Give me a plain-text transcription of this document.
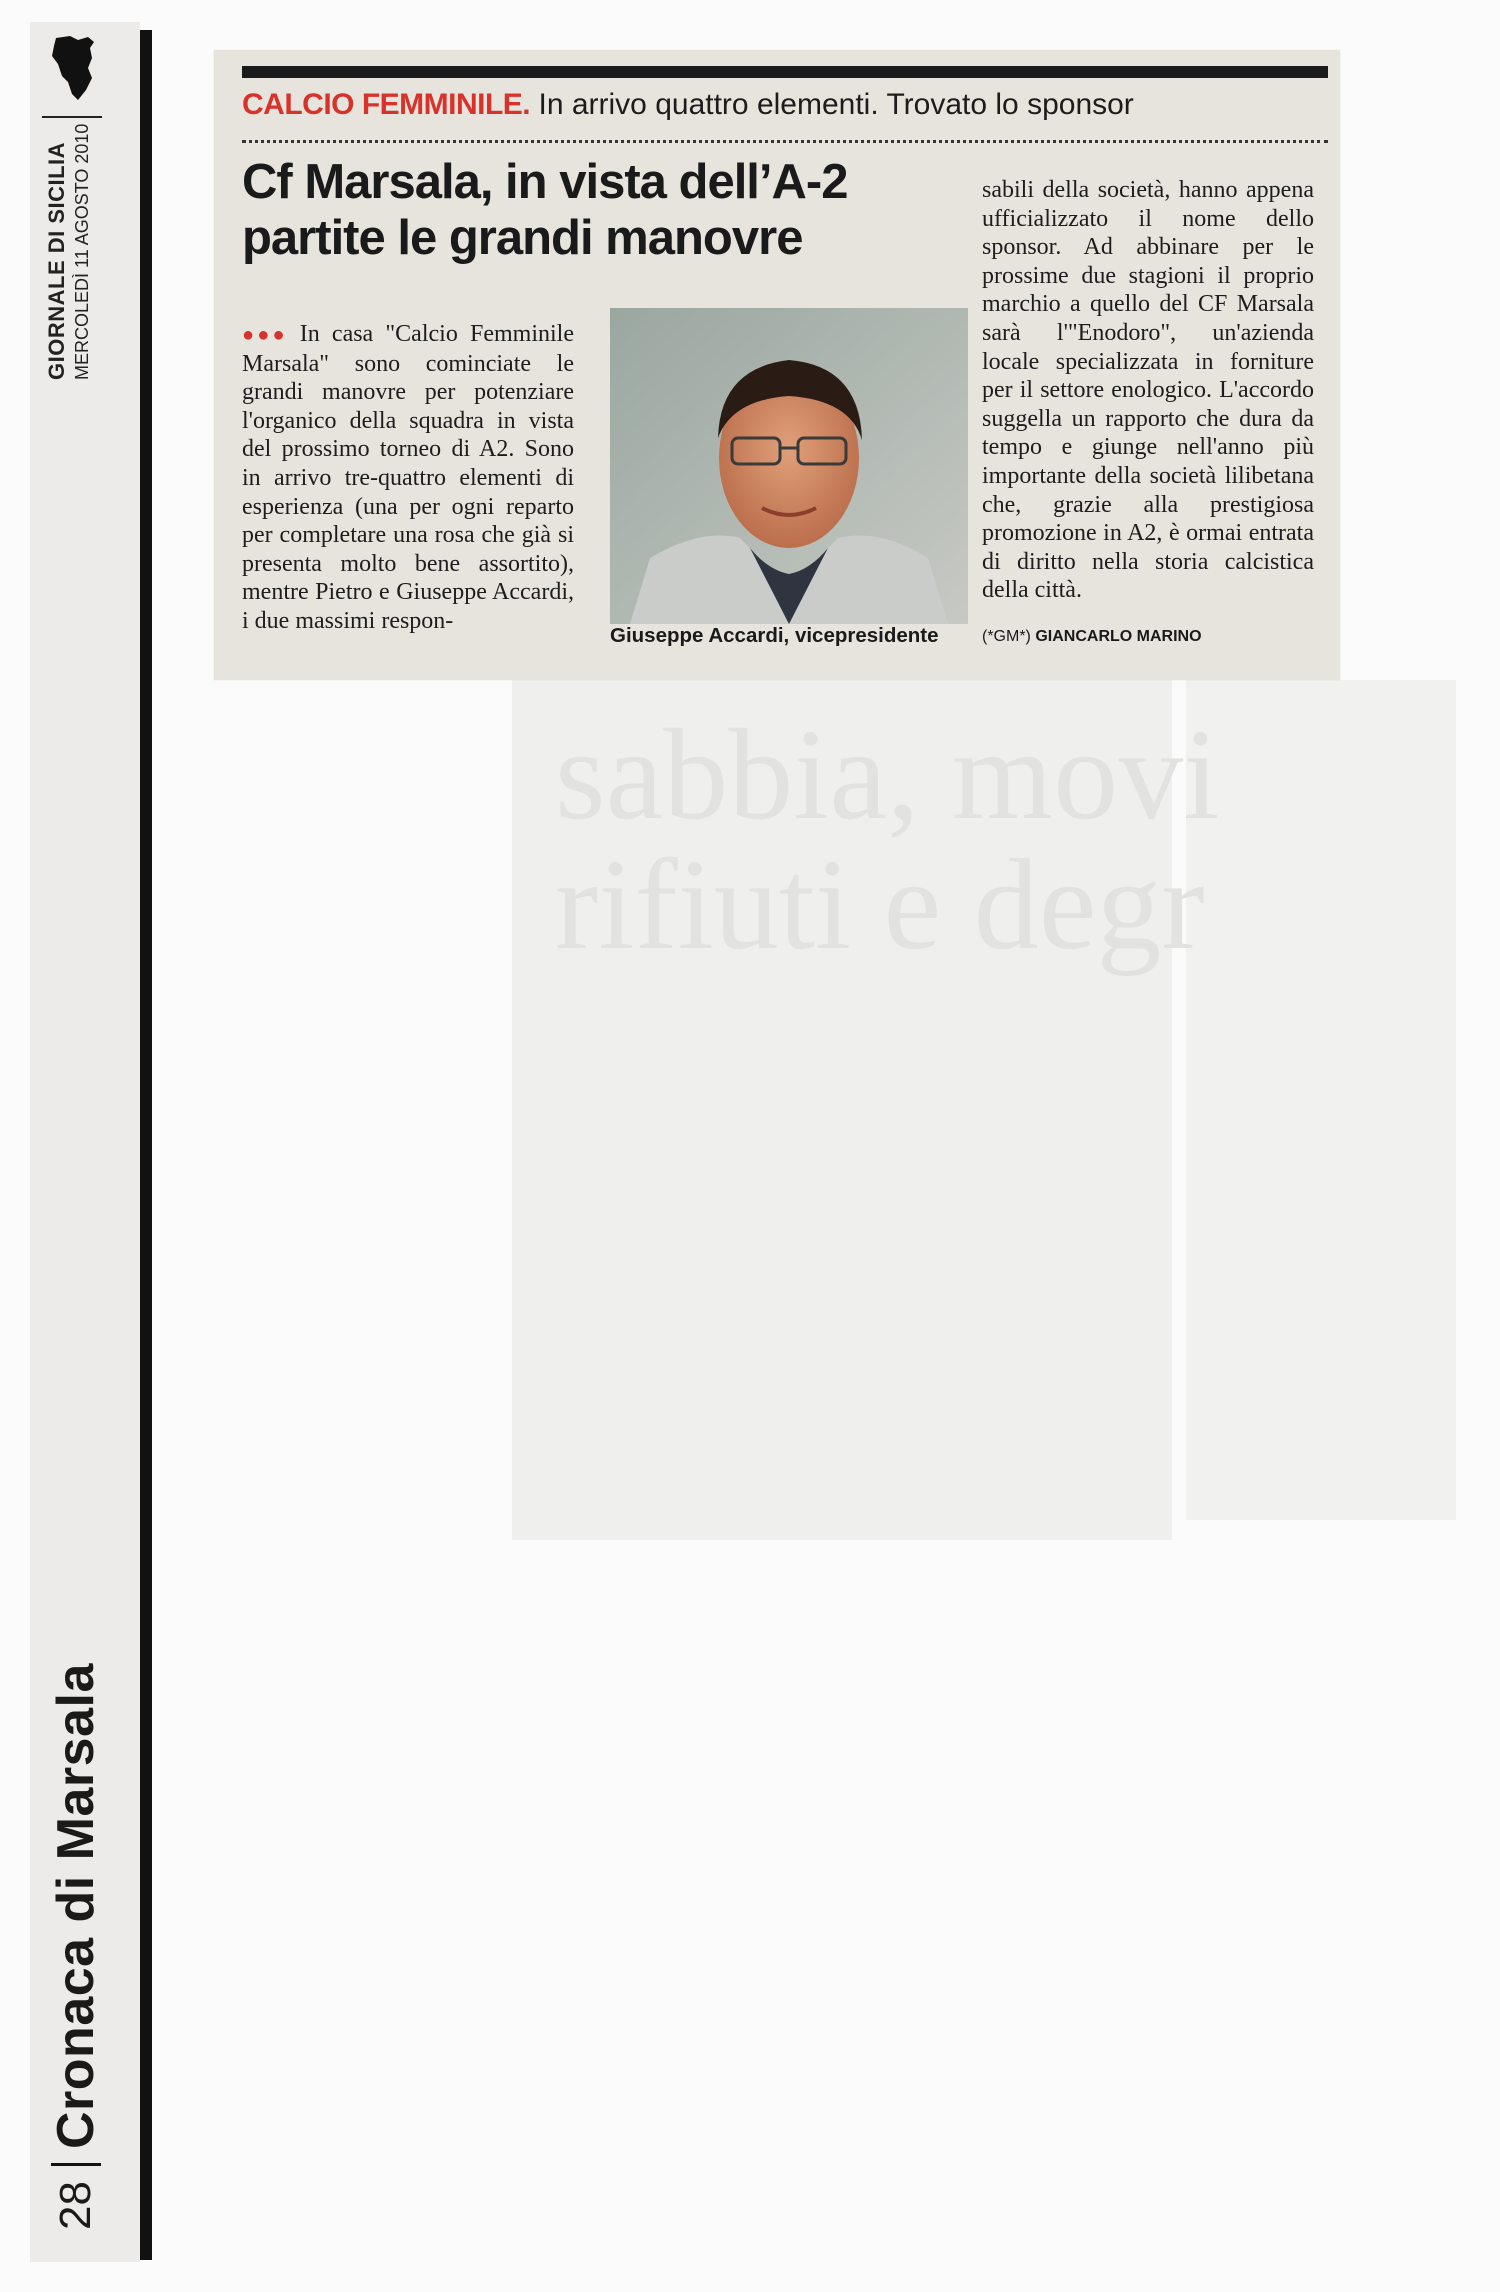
sabbia, movi
rifiuti e degr
GIORNALE DI SICILIA MERCOLEDÌ 11 AGOSTO 2010
28
Cronaca di Marsala
CALCIO FEMMINILE. In arrivo quattro elementi. Trovato lo sponsor
Cf Marsala, in vista dell’A-2 partite le grandi manovre

●●● In casa "Calcio Femminile Marsala" sono cominciate le grandi manovre per potenziare l'organico della squadra in vista del prossimo torneo di A2. Sono in arrivo tre-quattro elementi di esperienza (una per ogni reparto per completare una rosa che già si presenta molto bene assortito), mentre Pietro e Giuseppe Accardi, i due massimi respon-

Giuseppe Accardi, vicepresidente

sabili della società, hanno appena ufficializzato il nome dello sponsor. Ad abbinare per le prossime due stagioni il proprio marchio a quello del CF Marsala sarà l'"Enodoro", un'azienda locale specializzata in forniture per il settore enologico. L'accordo suggella un rapporto che dura da tempo e giunge nell'anno più importante della società lilibetana che, grazie alla prestigiosa promozione in A2, è ormai entrata di diritto nella storia calcistica della città.

(*GM*) GIANCARLO MARINO
